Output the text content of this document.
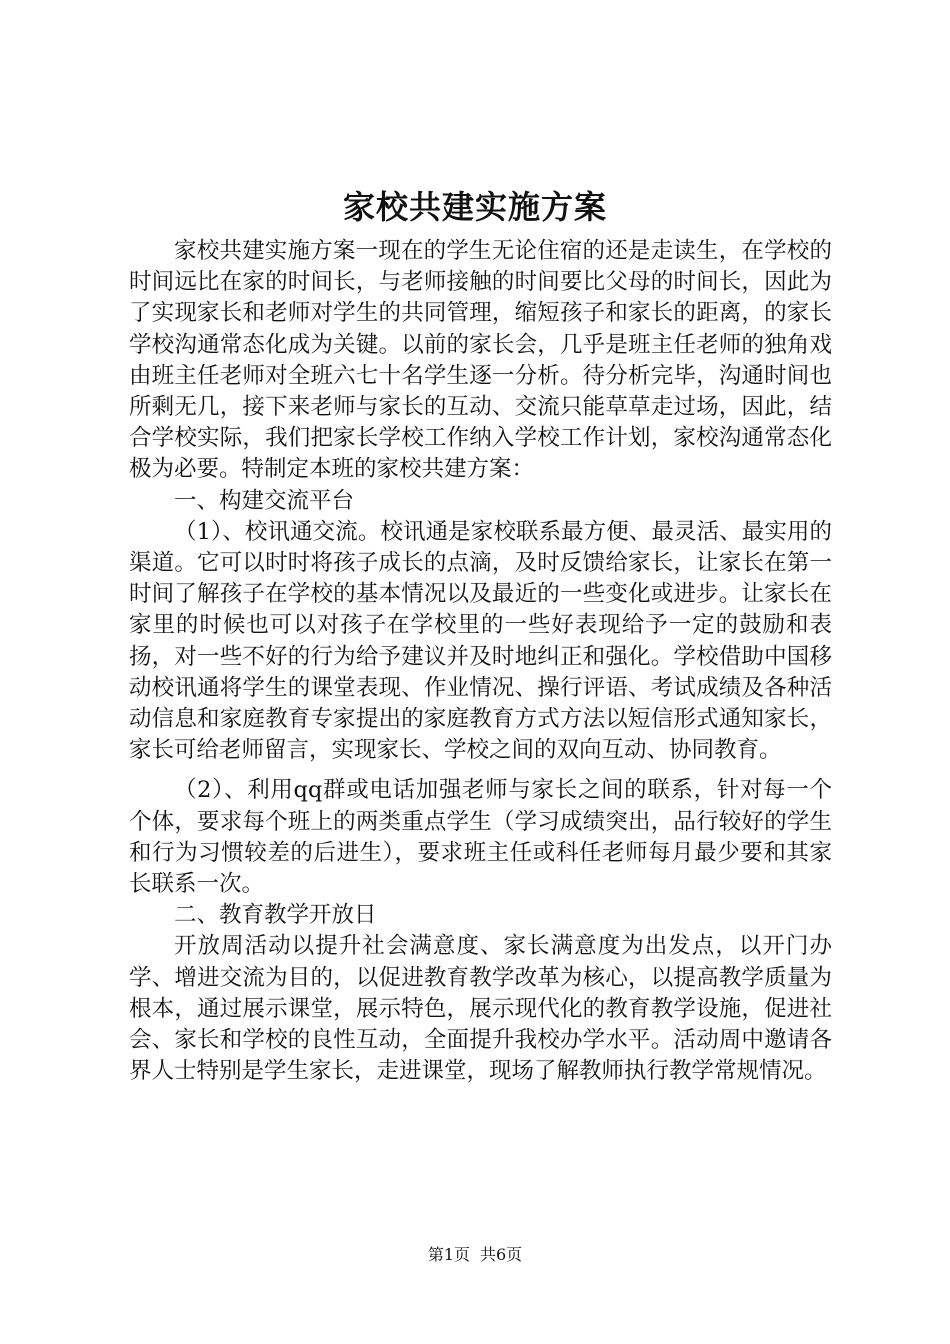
家校共建实施方案

家校共建实施方案一现在的学生无论住宿的还是走读生，在学校的时间远比在家的时间长，与老师接触的时间要比父母的时间长，因此为了实现家长和老师对学生的共同管理，缩短孩子和家长的距离，的家长学校沟通常态化成为关键。以前的家长会，几乎是班主任老师的独角戏由班主任老师对全班六七十名学生逐一分析。待分析完毕，沟通时间也所剩无几，接下来老师与家长的互动、交流只能草草走过场，因此，结合学校实际，我们把家长学校工作纳入学校工作计划，家校沟通常态化极为必要。特制定本班的家校共建方案：

一、构建交流平台

（1）、校讯通交流。校讯通是家校联系最方便、最灵活、最实用的渠道。它可以时时将孩子成长的点滴，及时反馈给家长，让家长在第一时间了解孩子在学校的基本情况以及最近的一些变化或进步。让家长在家里的时候也可以对孩子在学校里的一些好表现给予一定的鼓励和表扬，对一些不好的行为给予建议并及时地纠正和强化。学校借助中国移动校讯通将学生的课堂表现、作业情况、操行评语、考试成绩及各种活动信息和家庭教育专家提出的家庭教育方式方法以短信形式通知家长，家长可给老师留言，实现家长、学校之间的双向互动、协同教育。

（2）、利用qq群或电话加强老师与家长之间的联系，针对每一个个体，要求每个班上的两类重点学生（学习成绩突出，品行较好的学生和行为习惯较差的后进生），要求班主任或科任老师每月最少要和其家长联系一次。

二、教育教学开放日

开放周活动以提升社会满意度、家长满意度为出发点，以开门办学、增进交流为目的，以促进教育教学改革为核心，以提高教学质量为根本，通过展示课堂，展示特色，展示现代化的教育教学设施，促进社会、家长和学校的良性互动，全面提升我校办学水平。活动周中邀请各界人士特别是学生家长，走进课堂，现场了解教师执行教学常规情况。

第1页 共6页
